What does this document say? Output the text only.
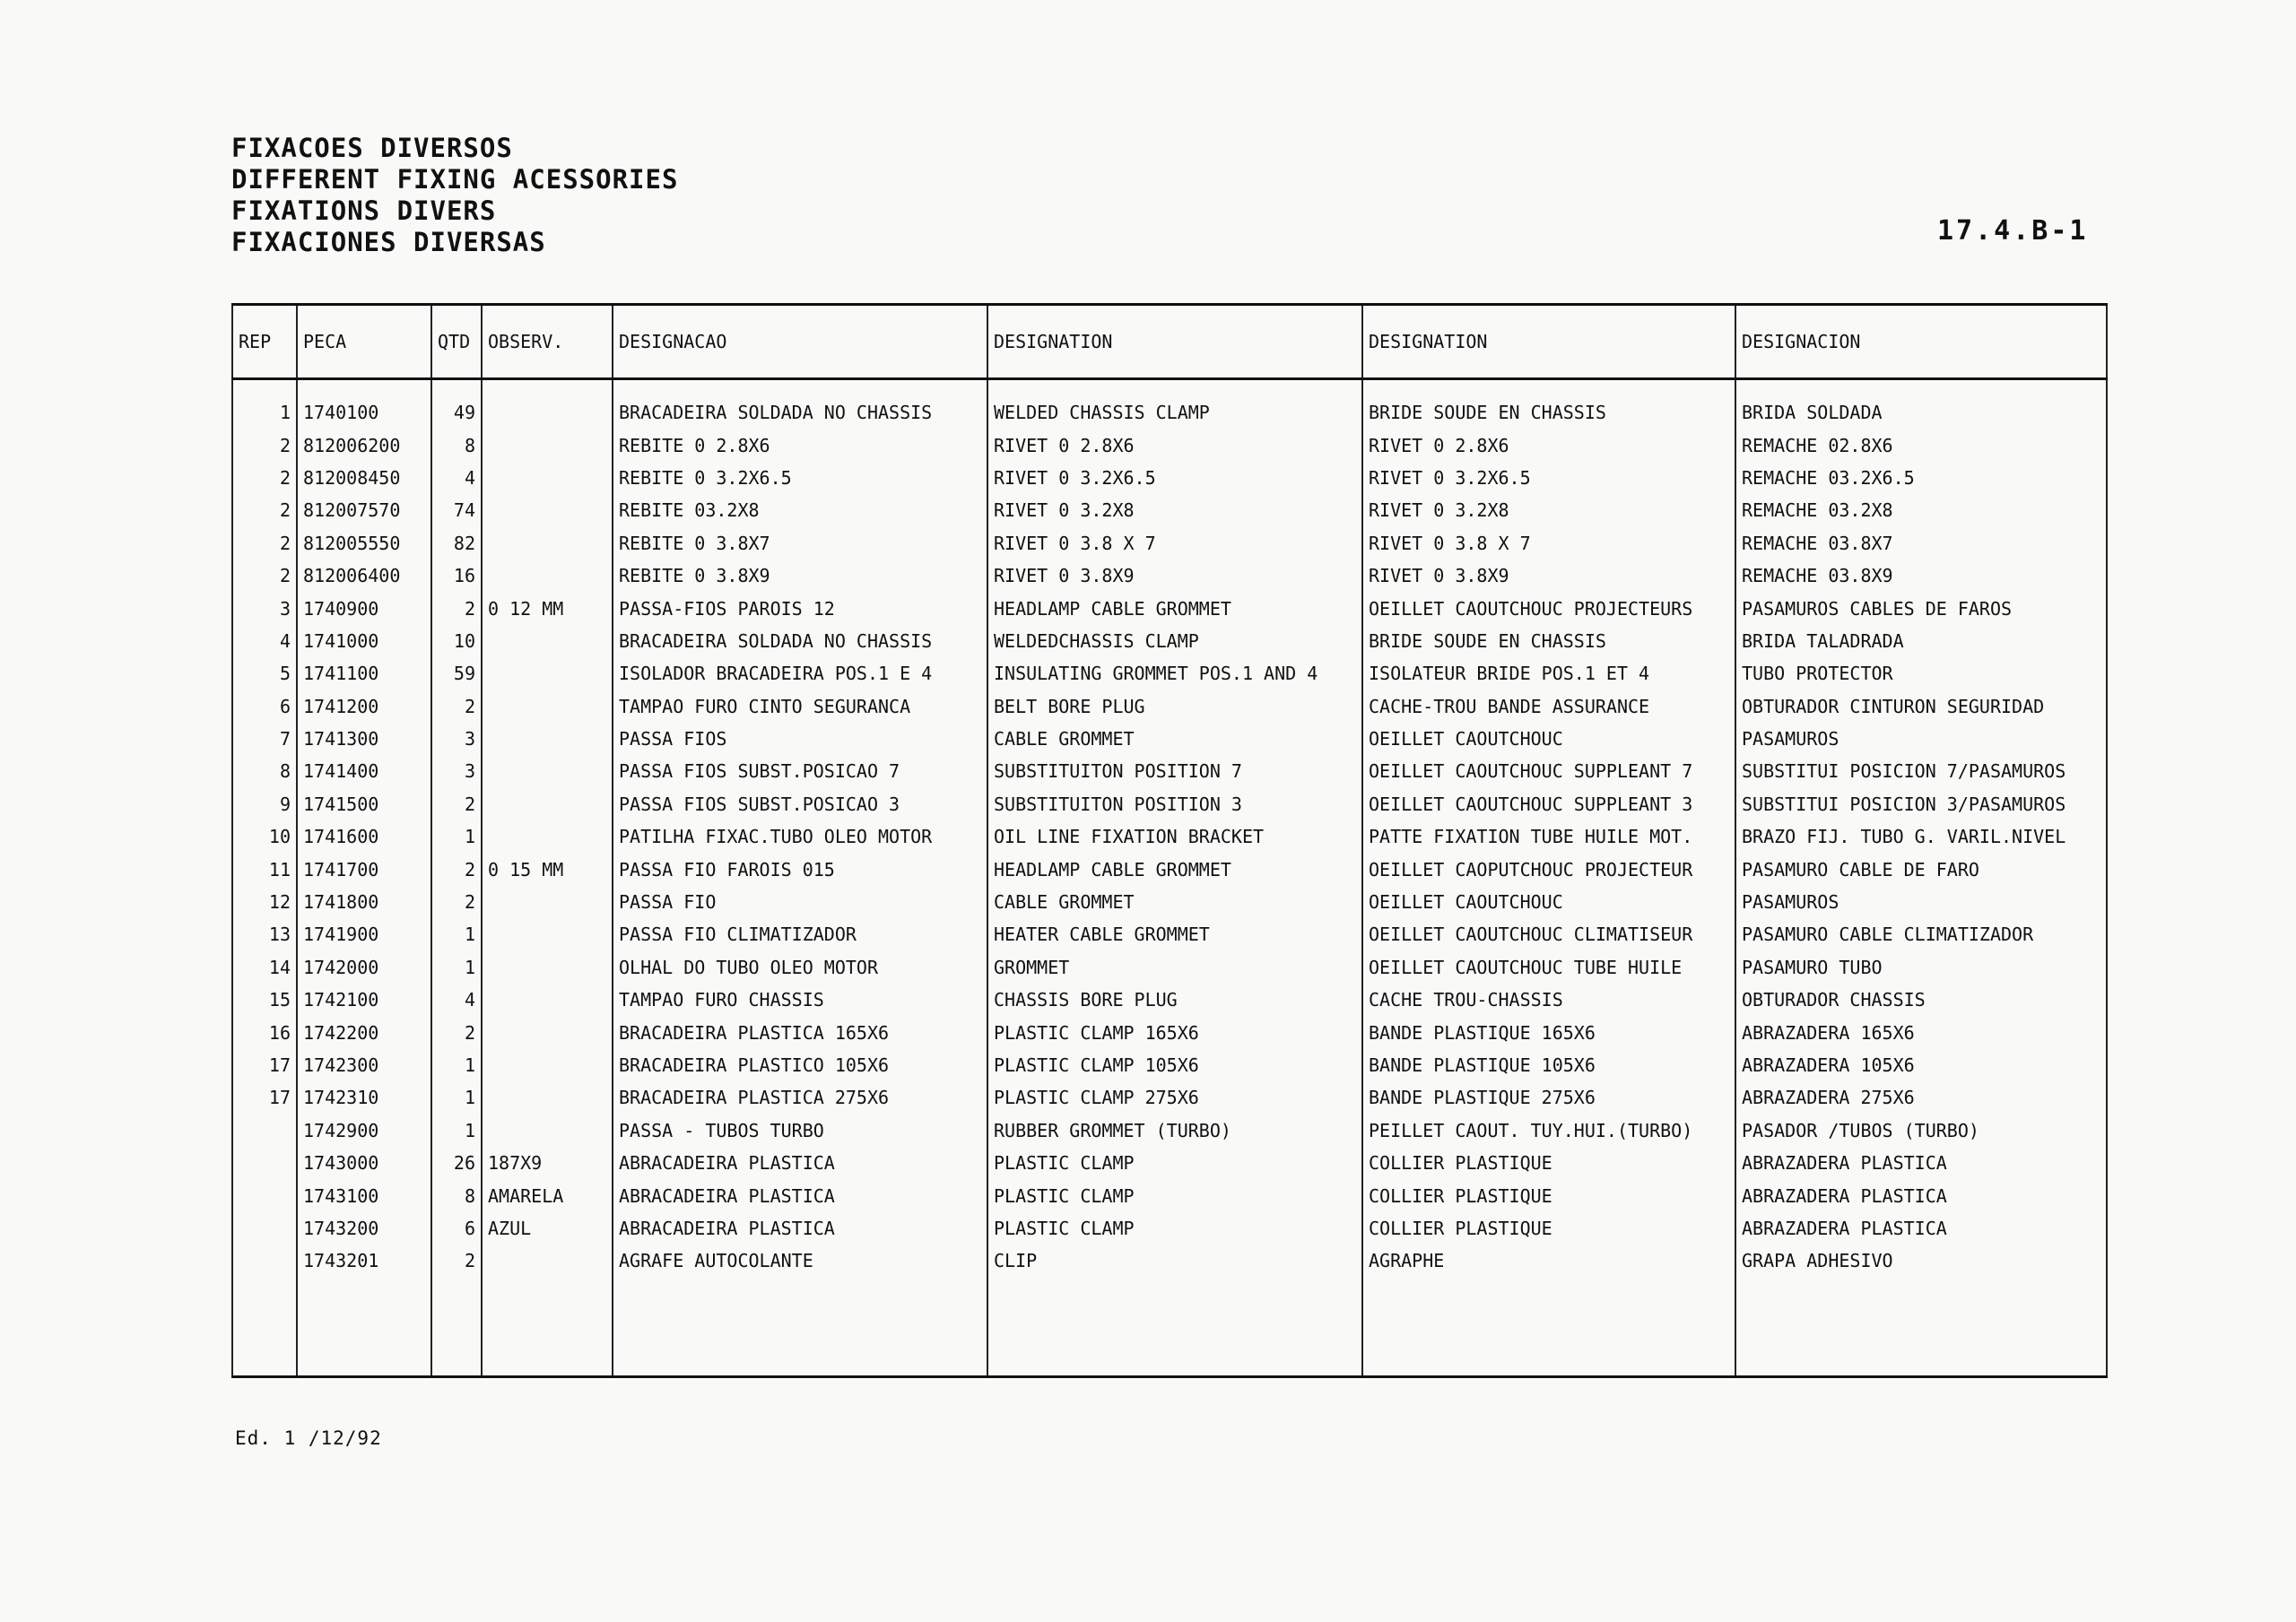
FIXACOES DIVERSOS
DIFFERENT FIXING ACESSORIES
FIXATIONS DIVERS
FIXACIONES DIVERSAS	17.4.B-1
REP	PECA	QTD	OBSERV.	DESIGNACAO	DESIGNATION	DESIGNATION	DESIGNACION
1	1740100	49		BRACADEIRA SOLDADA NO CHASSIS	WELDED CHASSIS CLAMP	BRIDE SOUDE EN CHASSIS	BRIDA SOLDADA
2	812006200	8		REBITE 0 2.8X6	RIVET 0 2.8X6	RIVET 0 2.8X6	REMACHE 02.8X6
2	812008450	4		REBITE 0 3.2X6.5	RIVET 0 3.2X6.5	RIVET 0 3.2X6.5	REMACHE 03.2X6.5
2	812007570	74		REBITE 03.2X8	RIVET 0 3.2X8	RIVET 0 3.2X8	REMACHE 03.2X8
2	812005550	82		REBITE 0 3.8X7	RIVET 0 3.8 X 7	RIVET 0 3.8 X 7	REMACHE 03.8X7
2	812006400	16		REBITE 0 3.8X9	RIVET 0 3.8X9	RIVET 0 3.8X9	REMACHE 03.8X9
3	1740900	2	0 12 MM	PASSA-FIOS PAROIS 12	HEADLAMP CABLE GROMMET	OEILLET CAOUTCHOUC PROJECTEURS	PASAMUROS CABLES DE FAROS
4	1741000	10		BRACADEIRA SOLDADA NO CHASSIS	WELDEDCHASSIS CLAMP	BRIDE SOUDE EN CHASSIS	BRIDA TALADRADA
5	1741100	59		ISOLADOR BRACADEIRA POS.1 E 4	INSULATING GROMMET POS.1 AND 4	ISOLATEUR BRIDE POS.1 ET 4	TUBO PROTECTOR
6	1741200	2		TAMPAO FURO CINTO SEGURANCA	BELT BORE PLUG	CACHE-TROU BANDE ASSURANCE	OBTURADOR CINTURON SEGURIDAD
7	1741300	3		PASSA FIOS	CABLE GROMMET	OEILLET CAOUTCHOUC	PASAMUROS
8	1741400	3		PASSA FIOS SUBST.POSICAO 7	SUBSTITUITON POSITION 7	OEILLET CAOUTCHOUC SUPPLEANT 7	SUBSTITUI POSICION 7/PASAMUROS
9	1741500	2		PASSA FIOS SUBST.POSICAO 3	SUBSTITUITON POSITION 3	OEILLET CAOUTCHOUC SUPPLEANT 3	SUBSTITUI POSICION 3/PASAMUROS
10	1741600	1		PATILHA FIXAC.TUBO OLEO MOTOR	OIL LINE FIXATION BRACKET	PATTE FIXATION TUBE HUILE MOT.	BRAZO FIJ. TUBO G. VARIL.NIVEL
11	1741700	2	0 15 MM	PASSA FIO FAROIS 015	HEADLAMP CABLE GROMMET	OEILLET CAOPUTCHOUC PROJECTEUR	PASAMURO CABLE DE FARO
12	1741800	2		PASSA FIO	CABLE GROMMET	OEILLET CAOUTCHOUC	PASAMUROS
13	1741900	1		PASSA FIO CLIMATIZADOR	HEATER CABLE GROMMET	OEILLET CAOUTCHOUC CLIMATISEUR	PASAMURO CABLE CLIMATIZADOR
14	1742000	1		OLHAL DO TUBO OLEO MOTOR	GROMMET	OEILLET CAOUTCHOUC TUBE HUILE	PASAMURO TUBO
15	1742100	4		TAMPAO FURO CHASSIS	CHASSIS BORE PLUG	CACHE TROU-CHASSIS	OBTURADOR CHASSIS
16	1742200	2		BRACADEIRA PLASTICA 165X6	PLASTIC CLAMP 165X6	BANDE PLASTIQUE 165X6	ABRAZADERA 165X6
17	1742300	1		BRACADEIRA PLASTICO 105X6	PLASTIC CLAMP 105X6	BANDE PLASTIQUE 105X6	ABRAZADERA 105X6
17	1742310	1		BRACADEIRA PLASTICA 275X6	PLASTIC CLAMP 275X6	BANDE PLASTIQUE 275X6	ABRAZADERA 275X6
	1742900	1		PASSA - TUBOS TURBO	RUBBER GROMMET (TURBO)	PEILLET CAOUT. TUY.HUI.(TURBO)	PASADOR /TUBOS (TURBO)
	1743000	26	187X9	ABRACADEIRA PLASTICA	PLASTIC CLAMP	COLLIER PLASTIQUE	ABRAZADERA PLASTICA
	1743100	8	AMARELA	ABRACADEIRA PLASTICA	PLASTIC CLAMP	COLLIER PLASTIQUE	ABRAZADERA PLASTICA
	1743200	6	AZUL	ABRACADEIRA PLASTICA	PLASTIC CLAMP	COLLIER PLASTIQUE	ABRAZADERA PLASTICA
	1743201	2		AGRAFE AUTOCOLANTE	CLIP	AGRAPHE	GRAPA ADHESIVO

Ed. 1 /12/92
